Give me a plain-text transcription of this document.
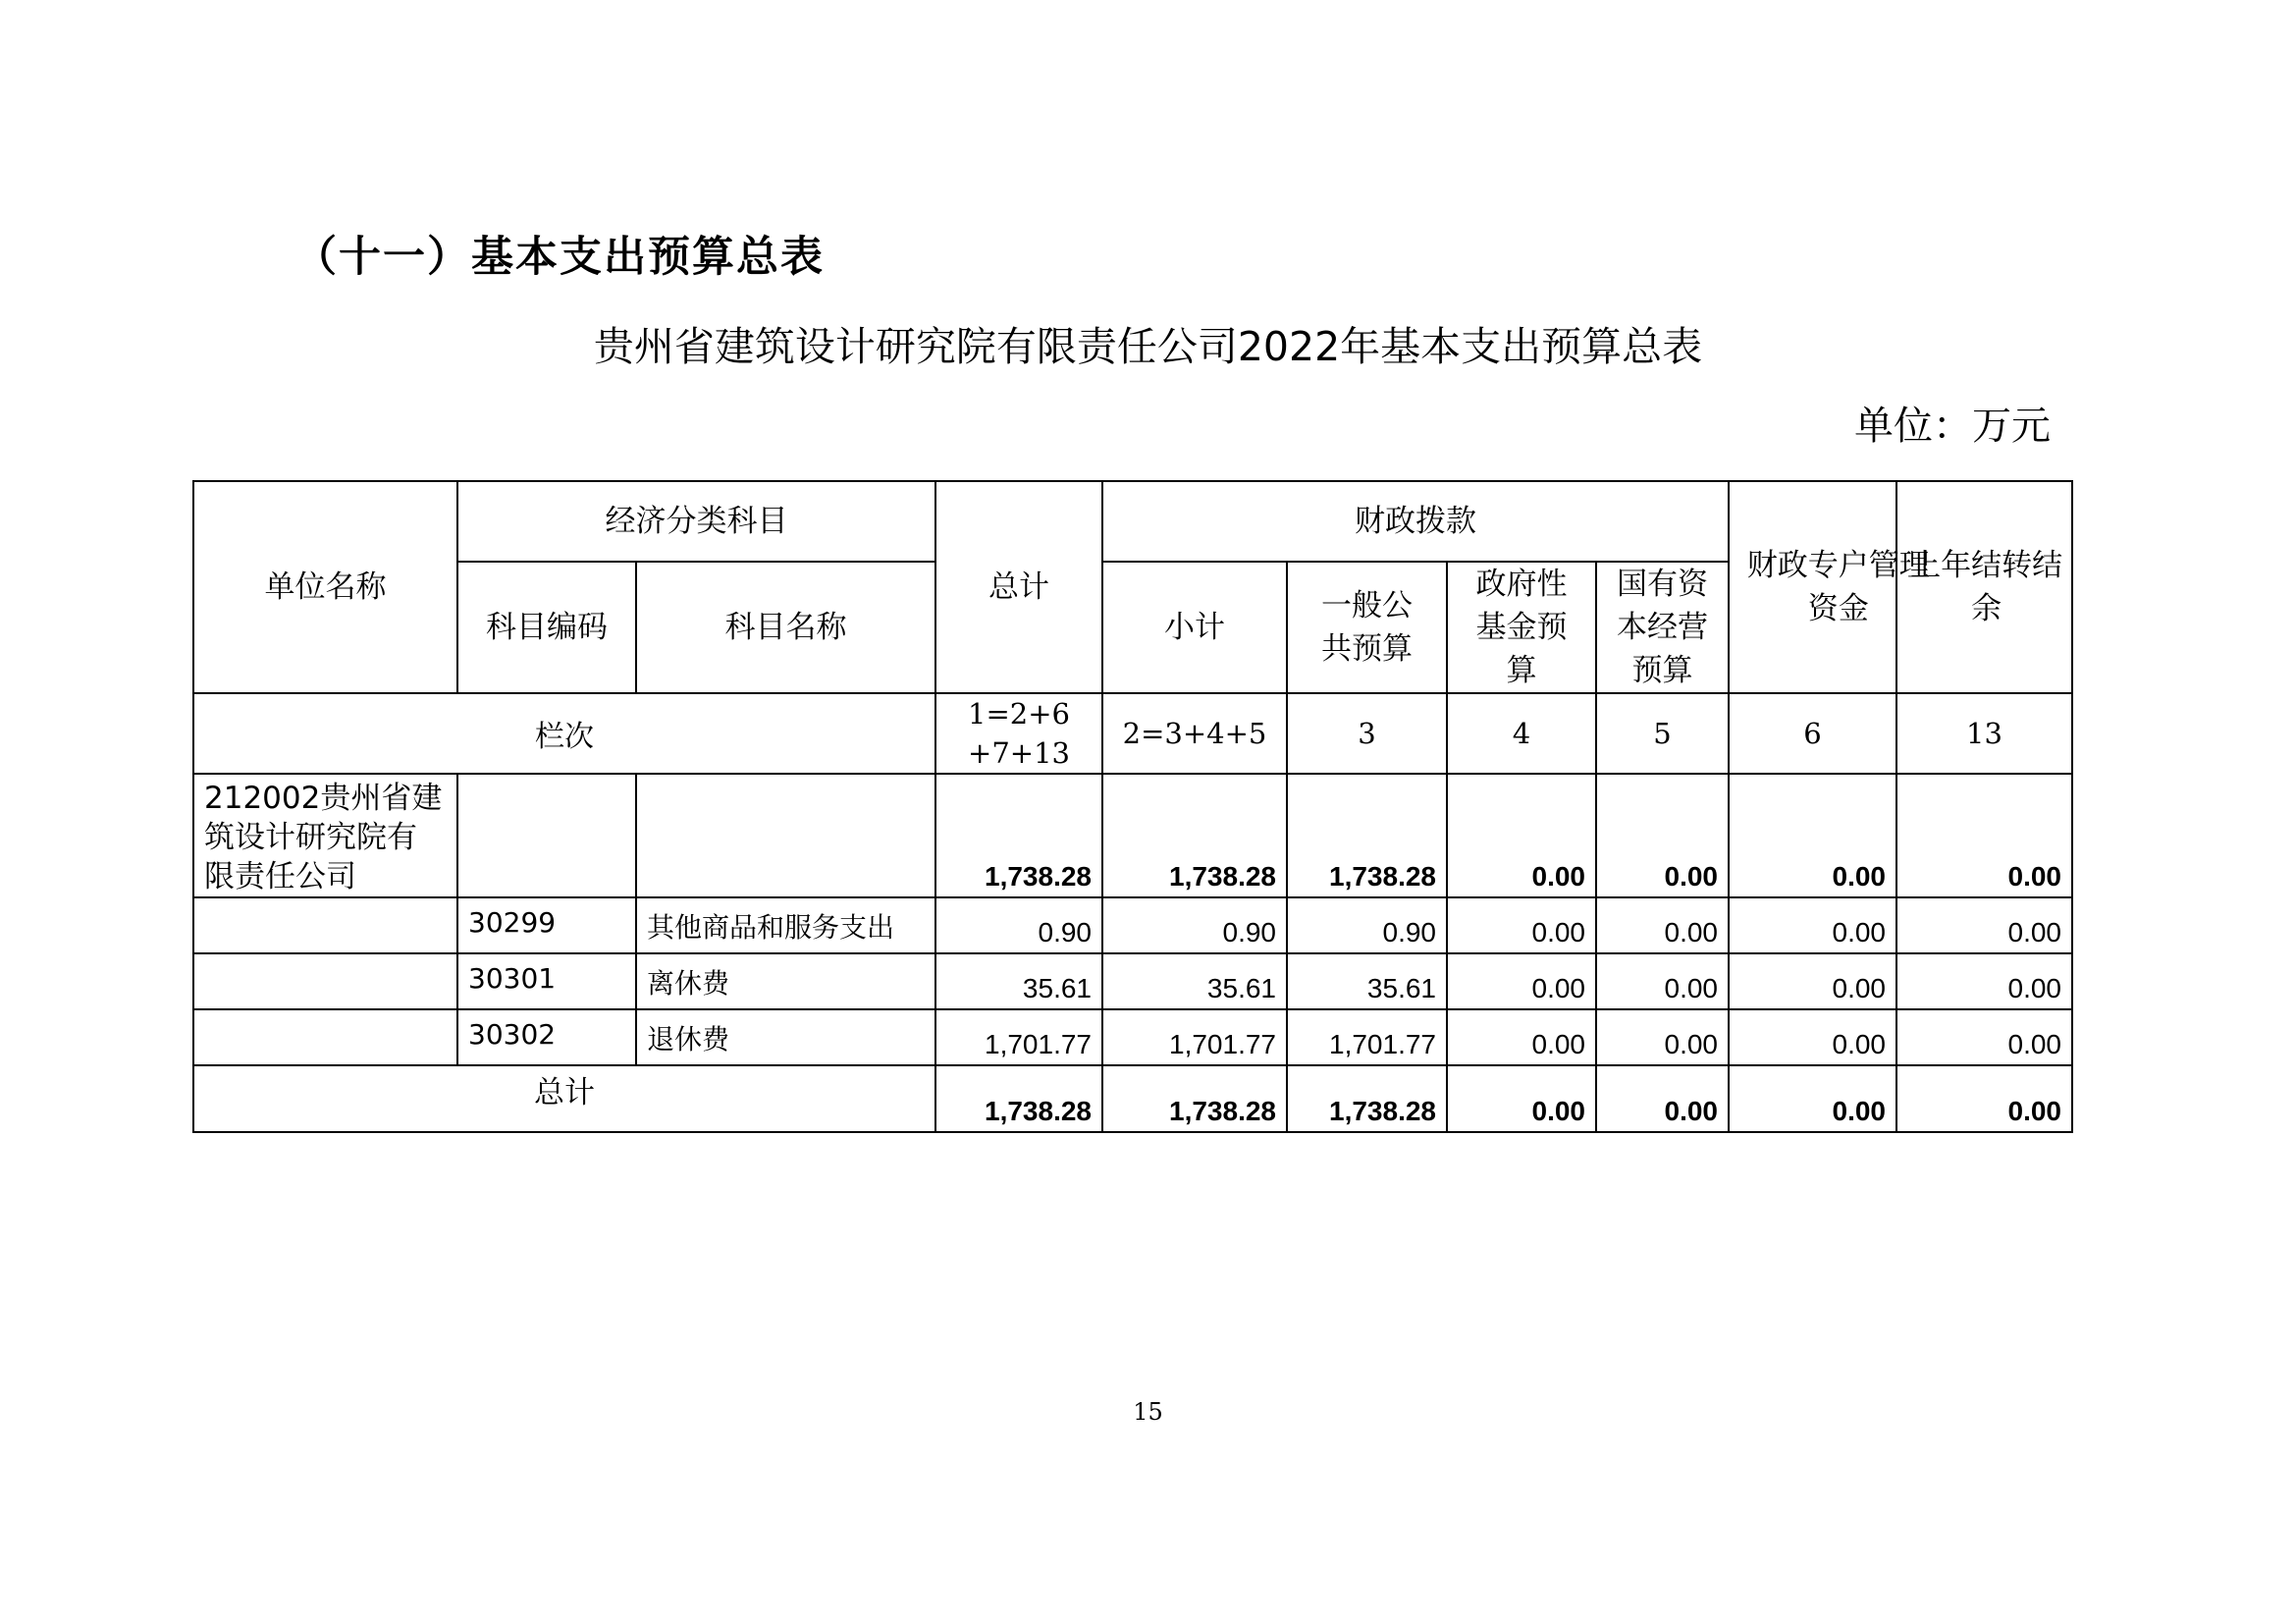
（十一）基本支出预算总表
贵州省建筑设计研究院有限责任公司2022年基本支出预算总表
单位：万元
单位名称	经济分类科目		总计	财政拨款				财政专户管理资金	上年结转结余

	科目编码	科目名称		小计	一般公共预算	政府性基金预算	国有资本经营预算		

栏次			1=2+6+7+13	2=3+4+5	3	4	5	6	13
212002贵州省建筑设计研究院有限责任公司			1,738.28	1,738.28	1,738.28	0.00	0.00	0.00	0.00
	30299	其他商品和服务支出	0.90	0.90	0.90	0.00	0.00	0.00	0.00
	30301	离休费	35.61	35.61	35.61	0.00	0.00	0.00	0.00
	30302	退休费	1,701.77	1,701.77	1,701.77	0.00	0.00	0.00	0.00
总计			1,738.28	1,738.28	1,738.28	0.00	0.00	0.00	0.00
15
